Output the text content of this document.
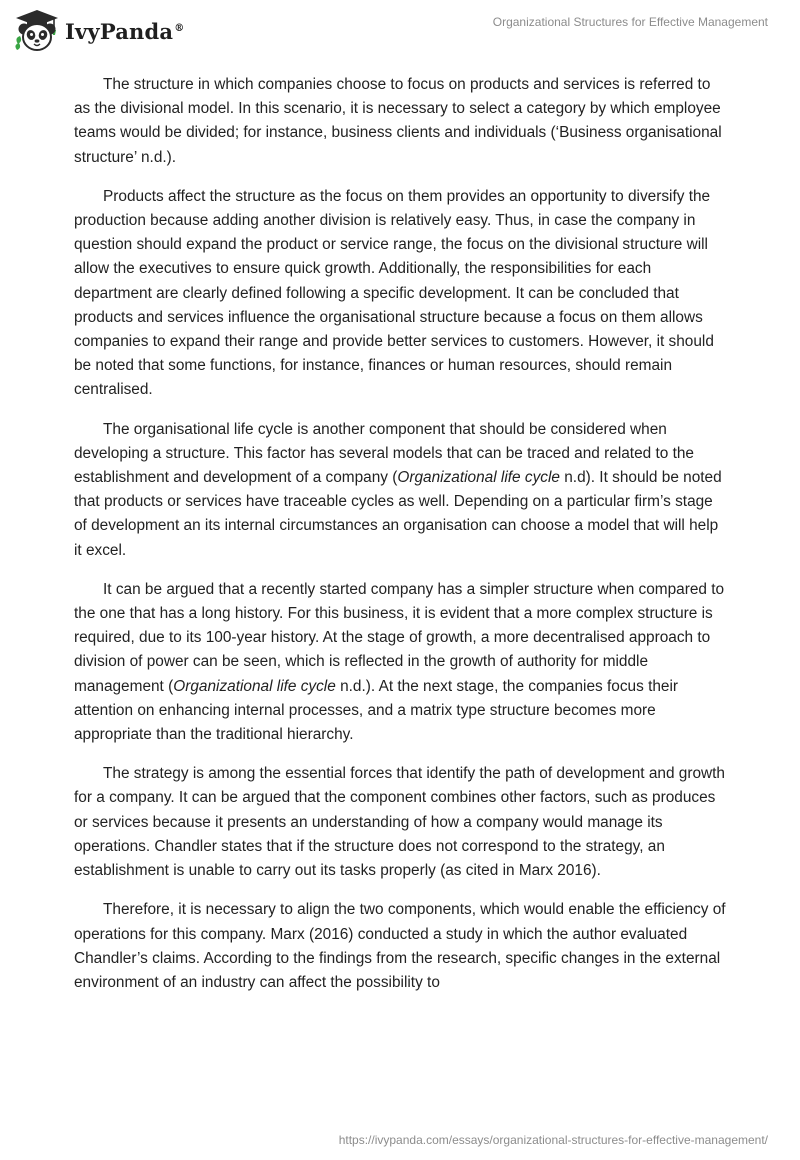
IvyPanda®	Organizational Structures for Effective Management

The structure in which companies choose to focus on products and services is referred to as the divisional model. In this scenario, it is necessary to select a category by which employee teams would be divided; for instance, business clients and individuals (‘Business organisational structure’ n.d.).

Products affect the structure as the focus on them provides an opportunity to diversify the production because adding another division is relatively easy. Thus, in case the company in question should expand the product or service range, the focus on the divisional structure will allow the executives to ensure quick growth. Additionally, the responsibilities for each department are clearly defined following a specific development. It can be concluded that products and services influence the organisational structure because a focus on them allows companies to expand their range and provide better services to customers. However, it should be noted that some functions, for instance, finances or human resources, should remain centralised.

The organisational life cycle is another component that should be considered when developing a structure. This factor has several models that can be traced and related to the establishment and development of a company (Organizational life cycle n.d). It should be noted that products or services have traceable cycles as well. Depending on a particular firm’s stage of development an its internal circumstances an organisation can choose a model that will help it excel.

It can be argued that a recently started company has a simpler structure when compared to the one that has a long history. For this business, it is evident that a more complex structure is required, due to its 100-year history. At the stage of growth, a more decentralised approach to division of power can be seen, which is reflected in the growth of authority for middle management (Organizational life cycle n.d.). At the next stage, the companies focus their attention on enhancing internal processes, and a matrix type structure becomes more appropriate than the traditional hierarchy.

The strategy is among the essential forces that identify the path of development and growth for a company. It can be argued that the component combines other factors, such as produces or services because it presents an understanding of how a company would manage its operations. Chandler states that if the structure does not correspond to the strategy, an establishment is unable to carry out its tasks properly (as cited in Marx 2016).

Therefore, it is necessary to align the two components, which would enable the efficiency of operations for this company. Marx (2016) conducted a study in which the author evaluated Chandler’s claims. According to the findings from the research, specific changes in the external environment of an industry can affect the possibility to

https://ivypanda.com/essays/organizational-structures-for-effective-management/
